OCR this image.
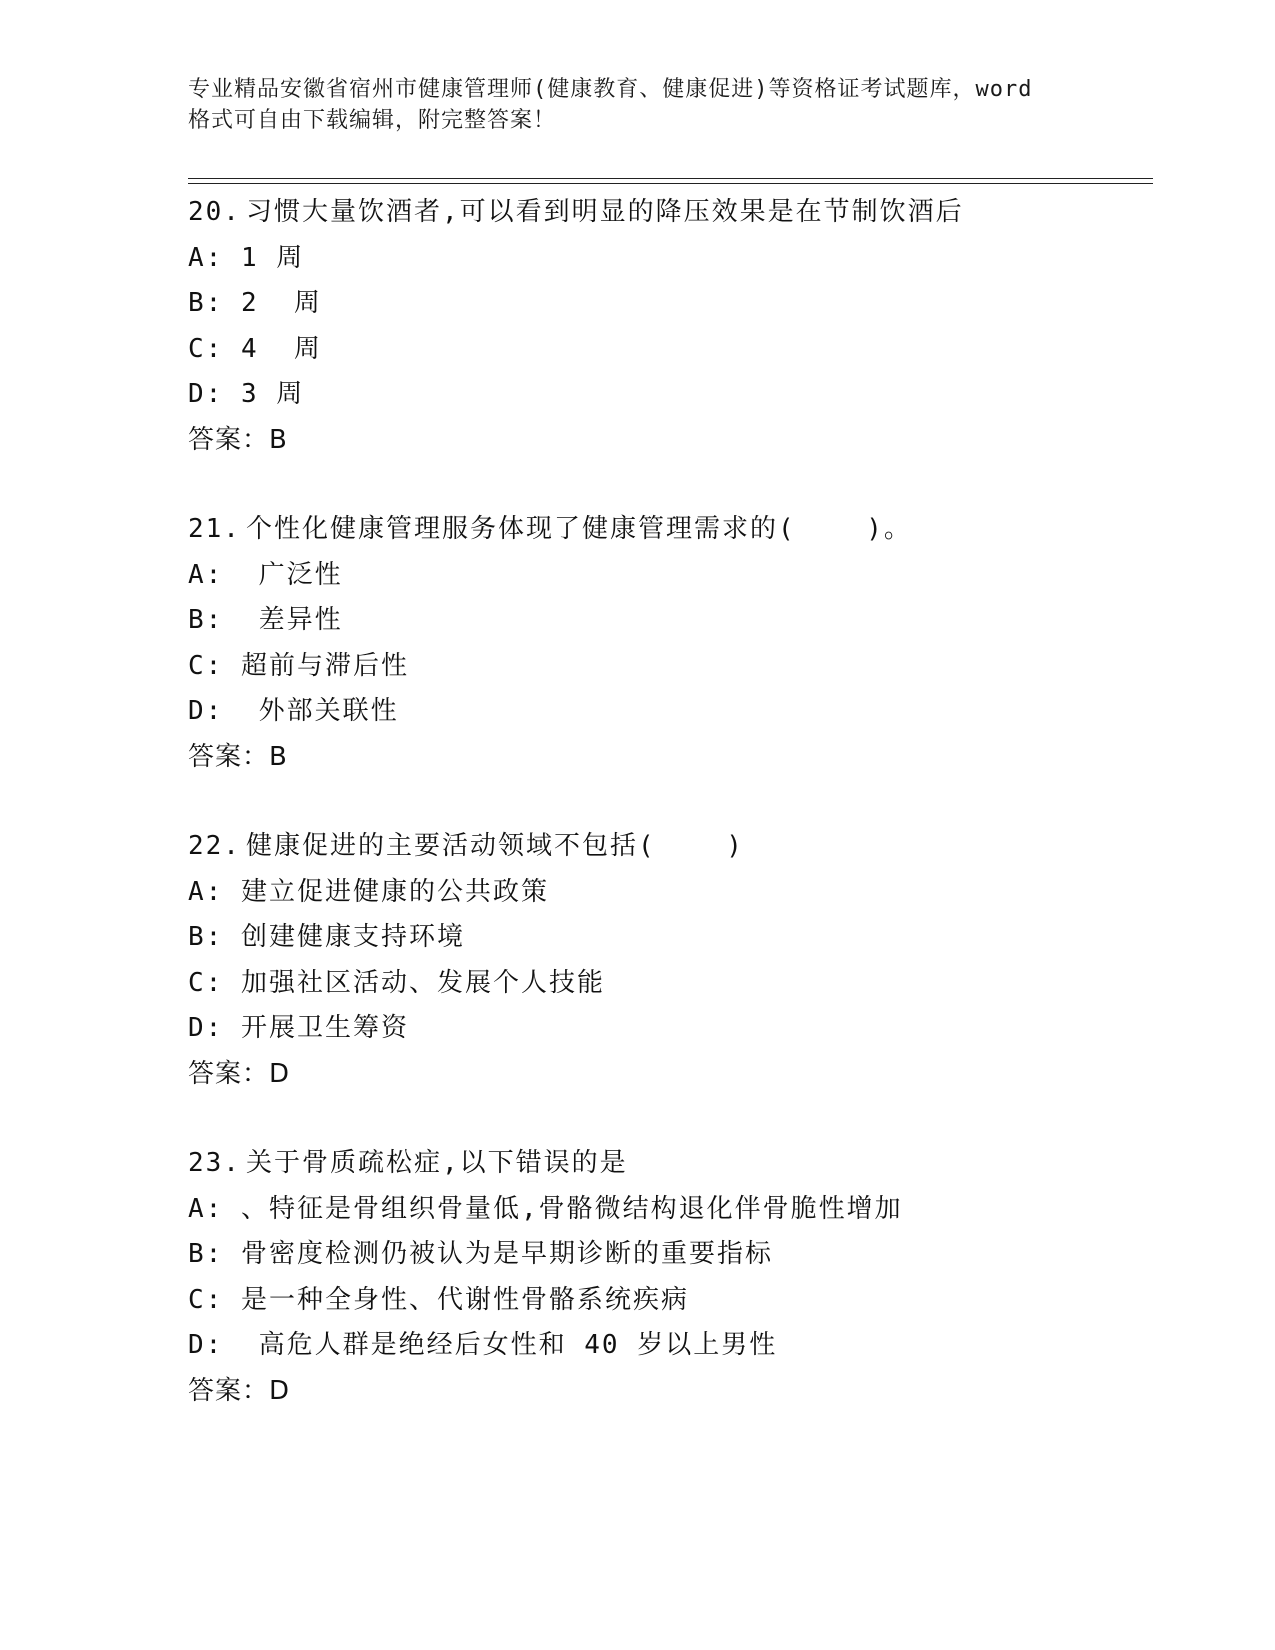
专业精品安徽省宿州市健康管理师(健康教育、健康促进)等资格证考试题库，word
格式可自由下载编辑，附完整答案！
20. 习惯大量饮酒者,可以看到明显的降压效果是在节制饮酒后
A: 1 周
B: 2  周
C: 4  周
D: 3 周
答案：B
21. 个性化健康管理服务体现了健康管理需求的(    )。
A:  广泛性
B:  差异性
C: 超前与滞后性
D:  外部关联性
答案：B
22. 健康促进的主要活动领域不包括(    )
A: 建立促进健康的公共政策
B: 创建健康支持环境
C: 加强社区活动、发展个人技能
D: 开展卫生筹资
答案：D
23. 关于骨质疏松症,以下错误的是
A: 、特征是骨组织骨量低,骨骼微结构退化伴骨脆性增加
B: 骨密度检测仍被认为是早期诊断的重要指标
C: 是一种全身性、代谢性骨骼系统疾病
D:  高危人群是绝经后女性和 40 岁以上男性
答案：D
